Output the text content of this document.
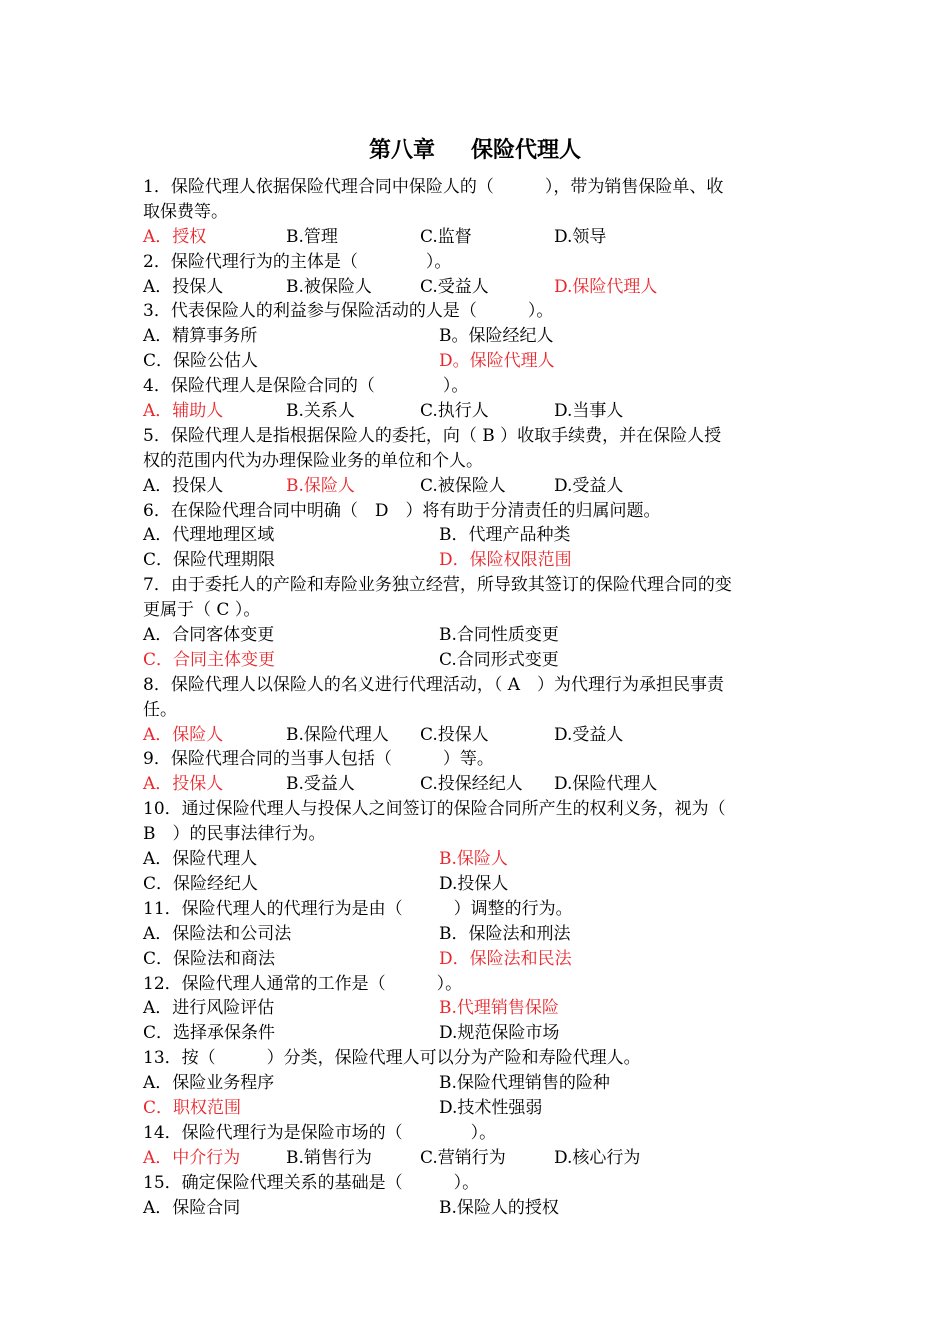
第八章 保险代理人
1．保险代理人依据保险代理合同中保险人的（　　　），带为销售保险单、收
取保费等。
A．授权	B.管理	C.监督	D.领导
2．保险代理行为的主体是（　　　　）。
A．投保人	B.被保险人	C.受益人	D.保险代理人
3．代表保险人的利益参与保险活动的人是（　　　）。
A．精算事务所	B。保险经纪人
C．保险公估人	D。保险代理人
4．保险代理人是保险合同的（　　　　）。
A．辅助人	B.关系人	C.执行人	D.当事人
5．保险代理人是指根据保险人的委托，向（ B ）收取手续费，并在保险人授
权的范围内代为办理保险业务的单位和个人。
A．投保人	B.保险人	C.被保险人	D.受益人
6．在保险代理合同中明确（　D　）将有助于分清责任的归属问题。
A．代理地理区域	B．代理产品种类
C．保险代理期限	D．保险权限范围
7．由于委托人的产险和寿险业务独立经营，所导致其签订的保险代理合同的变
更属于（ C ）。
A．合同客体变更	B.合同性质变更
C．合同主体变更	C.合同形式变更
8．保险代理人以保险人的名义进行代理活动，（ A　）为代理行为承担民事责
任。
A．保险人	B.保险代理人 C.投保人	D.受益人
9．保险代理合同的当事人包括（　　　）等。
A．投保人	B.受益人	C.投保经纪人 D.保险代理人
10．通过保险代理人与投保人之间签订的保险合同所产生的权利义务，视为（
B　）的民事法律行为。
A．保险代理人	B.保险人
C．保险经纪人	D.投保人
11．保险代理人的代理行为是由（　　　）调整的行为。
A．保险法和公司法	B．保险法和刑法
C．保险法和商法	D．保险法和民法
12．保险代理人通常的工作是（　　　）。
A．进行风险评估	B.代理销售保险
C．选择承保条件	D.规范保险市场
13．按（　　　）分类，保险代理人可以分为产险和寿险代理人。
A．保险业务程序	B.保险代理销售的险种
C．职权范围	D.技术性强弱
14．保险代理行为是保险市场的（　　　　）。
A．中介行为	B.销售行为	C.营销行为	D.核心行为
15．确定保险代理关系的基础是（　　　）。
A．保险合同	B.保险人的授权
